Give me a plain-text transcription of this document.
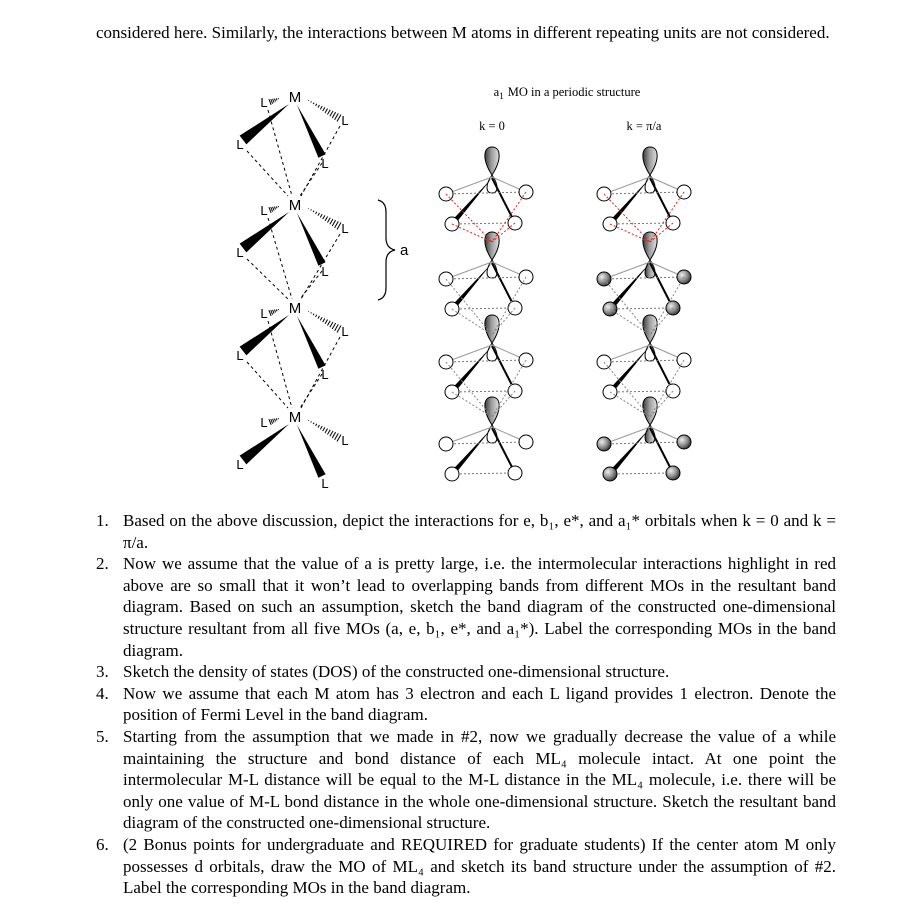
considered here. Similarly, the interactions between M atoms in different repeating units are not considered.
M
L
L
L
L
M
L
L
L
L
M
L
L
L
L
M
L
L
L
L
a
$a_1$ MO in a periodic structure
k = 0	k = π/a
1. Based on the above discussion, depict the interactions for e, b₁, e*, and a₁* orbitals when k = 0 and k = π/a.
2. Now we assume that the value of a is pretty large, i.e. the intermolecular interactions highlight in red above are so small that it won’t lead to overlapping bands from different MOs in the resultant band diagram. Based on such an assumption, sketch the band diagram of the constructed one-dimensional structure resultant from all five MOs (a, e, b₁, e*, and a₁*). Label the corresponding MOs in the band diagram.
3. Sketch the density of states (DOS) of the constructed one-dimensional structure.
4. Now we assume that each M atom has 3 electron and each L ligand provides 1 electron. Denote the position of Fermi Level in the band diagram.
5. Starting from the assumption that we made in #2, now we gradually decrease the value of a while maintaining the structure and bond distance of each ML₄ molecule intact. At one point the intermolecular M-L distance will be equal to the M-L distance in the ML₄ molecule, i.e. there will be only one value of M-L bond distance in the whole one-dimensional structure. Sketch the resultant band diagram of the constructed one-dimensional structure.
6. (2 Bonus points for undergraduate and REQUIRED for graduate students) If the center atom M only possesses d orbitals, draw the MO of ML₄ and sketch its band structure under the assumption of #2. Label the corresponding MOs in the band diagram.
